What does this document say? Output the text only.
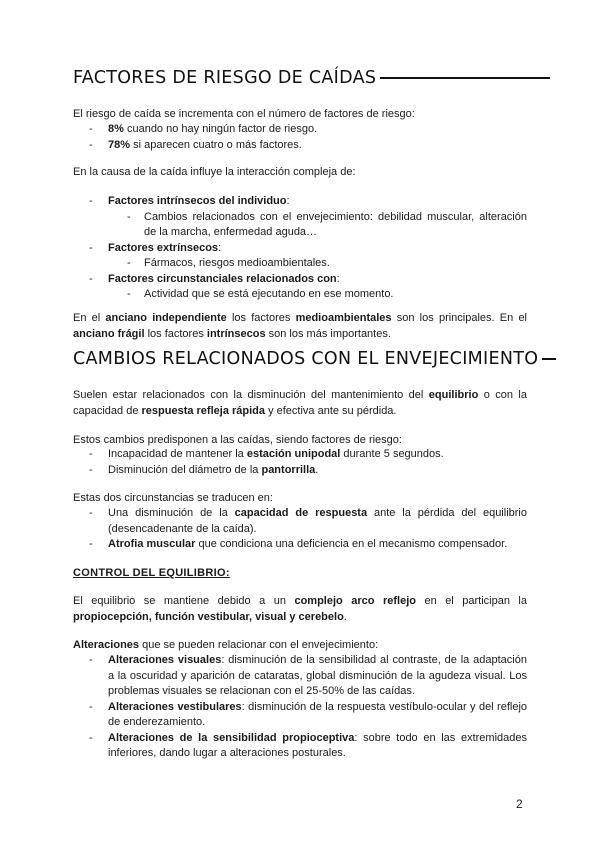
FACTORES DE RIESGO DE CAÍDAS
El riesgo de caída se incrementa con el número de factores de riesgo:
- 8% cuando no hay ningún factor de riesgo.
- 78% si aparecen cuatro o más factores.
En la causa de la caída influye la interacción compleja de:
- Factores intrínsecos del individuo:
- Cambios relacionados con el envejecimiento: debilidad muscular, alteración de la marcha, enfermedad aguda…
- Factores extrínsecos:
- Fármacos, riesgos medioambientales.
- Factores circunstanciales relacionados con:
- Actividad que se está ejecutando en ese momento.
En el anciano independiente los factores medioambientales son los principales. En el anciano frágil los factores intrínsecos son los más importantes.
CAMBIOS RELACIONADOS CON EL ENVEJECIMIENTO
Suelen estar relacionados con la disminución del mantenimiento del equilibrio o con la capacidad de respuesta refleja rápida y efectiva ante su pérdida.
Estos cambios predisponen a las caídas, siendo factores de riesgo:
- Incapacidad de mantener la estación unipodal durante 5 segundos.
- Disminución del diámetro de la pantorrilla.
Estas dos circunstancias se traducen en:
- Una disminución de la capacidad de respuesta ante la pérdida del equilibrio (desencadenante de la caída).
- Atrofia muscular que condiciona una deficiencia en el mecanismo compensador.
CONTROL DEL EQUILIBRIO:
El equilibrio se mantiene debido a un complejo arco reflejo en el participan la propiocepción, función vestibular, visual y cerebelo.
Alteraciones que se pueden relacionar con el envejecimiento:
- Alteraciones visuales: disminución de la sensibilidad al contraste, de la adaptación a la oscuridad y aparición de cataratas, global disminución de la agudeza visual. Los problemas visuales se relacionan con el 25-50% de las caídas.
- Alteraciones vestibulares: disminución de la respuesta vestíbulo-ocular y del reflejo de enderezamiento.
- Alteraciones de la sensibilidad propioceptiva: sobre todo en las extremidades inferiores, dando lugar a alteraciones posturales.
2
